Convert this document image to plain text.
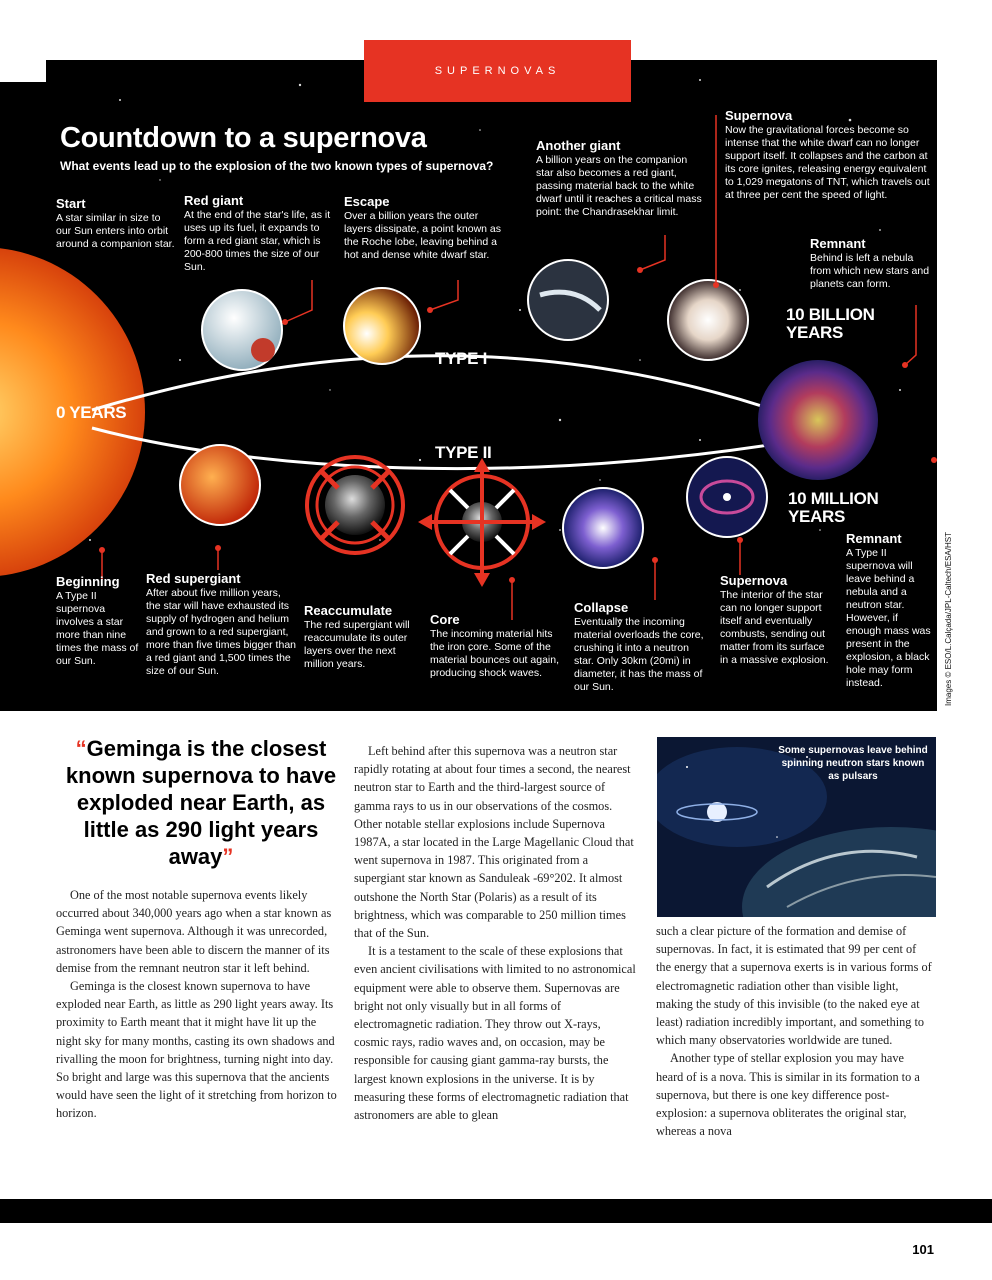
SUPERNOVAS
Countdown to a supernova
What events lead up to the explosion of the two known types of supernova?
Start
A star similar in size to our Sun enters into orbit around a companion star.
Red giant
At the end of the star's life, as it uses up its fuel, it expands to form a red giant star, which is 200-800 times the size of our Sun.
Escape
Over a billion years the outer layers dissipate, a point known as the Roche lobe, leaving behind a hot and dense white dwarf star.
Another giant
A billion years on the companion star also becomes a red giant, passing material back to the white dwarf until it reaches a critical mass point: the Chandrasekhar limit.
Supernova
Now the gravitational forces become so intense that the white dwarf can no longer support itself. It collapses and the carbon at its core ignites, releasing energy equivalent to 1,029 megatons of TNT, which travels out at three per cent the speed of light.
Remnant
Behind is left a nebula from which new stars and planets can form.
0 YEARS
10 BILLION YEARS
10 MILLION YEARS
TYPE I
TYPE II
Beginning
A Type II supernova involves a star more than nine times the mass of our Sun.
Red supergiant
After about five million years, the star will have exhausted its supply of hydrogen and helium and grown to a red supergiant, more than five times bigger than a red giant and 1,500 times the size of our Sun.
Reaccumulate
The red supergiant will reaccumulate its outer layers over the next million years.
Core
The incoming material hits the iron core. Some of the material bounces out again, producing shock waves.
Collapse
Eventually the incoming material overloads the core, crushing it into a neutron star. Only 30km (20mi) in diameter, it has the mass of our Sun.
Supernova
The interior of the star can no longer support itself and eventually combusts, sending out matter from its surface in a massive explosion.
Remnant
A Type II supernova will leave behind a nebula and a neutron star. However, if enough mass was present in the explosion, a black hole may form instead.	Images © ESO/L.Calçada/JPL-Caltech/ESA/HST
“Geminga is the closest known supernova to have exploded near Earth, as little as 290 light years away”

One of the most notable supernova events likely occurred about 340,000 years ago when a star known as Geminga went supernova. Although it was unrecorded, astronomers have been able to discern the manner of its demise from the remnant neutron star it left behind.

Geminga is the closest known supernova to have exploded near Earth, as little as 290 light years away. Its proximity to Earth meant that it might have lit up the night sky for many months, casting its own shadows and rivalling the moon for brightness, turning night into day. So bright and large was this supernova that the ancients would have seen the light of it stretching from horizon to horizon.

Left behind after this supernova was a neutron star rapidly rotating at about four times a second, the nearest neutron star to Earth and the third-largest source of gamma rays to us in our observations of the cosmos. Other notable stellar explosions include Supernova 1987A, a star located in the Large Magellanic Cloud that went supernova in 1987. This originated from a supergiant star known as Sanduleak -69°202. It almost outshone the North Star (Polaris) as a result of its brightness, which was comparable to 250 million times that of the Sun.

It is a testament to the scale of these explosions that even ancient civilisations with limited to no astronomical equipment were able to observe them. Supernovas are bright not only visually but in all forms of electromagnetic radiation. They throw out X-rays, cosmic rays, radio waves and, on occasion, may be responsible for causing giant gamma-ray bursts, the largest known explosions in the universe. It is by measuring these forms of electromagnetic radiation that astronomers are able to glean

Some supernovas leave behind spinning neutron stars known as pulsars

such a clear picture of the formation and demise of supernovas. In fact, it is estimated that 99 per cent of the energy that a supernova exerts is in various forms of electromagnetic radiation other than visible light, making the study of this invisible (to the naked eye at least) radiation incredibly important, and something to which many observatories worldwide are tuned.

Another type of stellar explosion you may have heard of is a nova. This is similar in its formation to a supernova, but there is one key difference post-explosion: a supernova obliterates the original star, whereas a nova

101
